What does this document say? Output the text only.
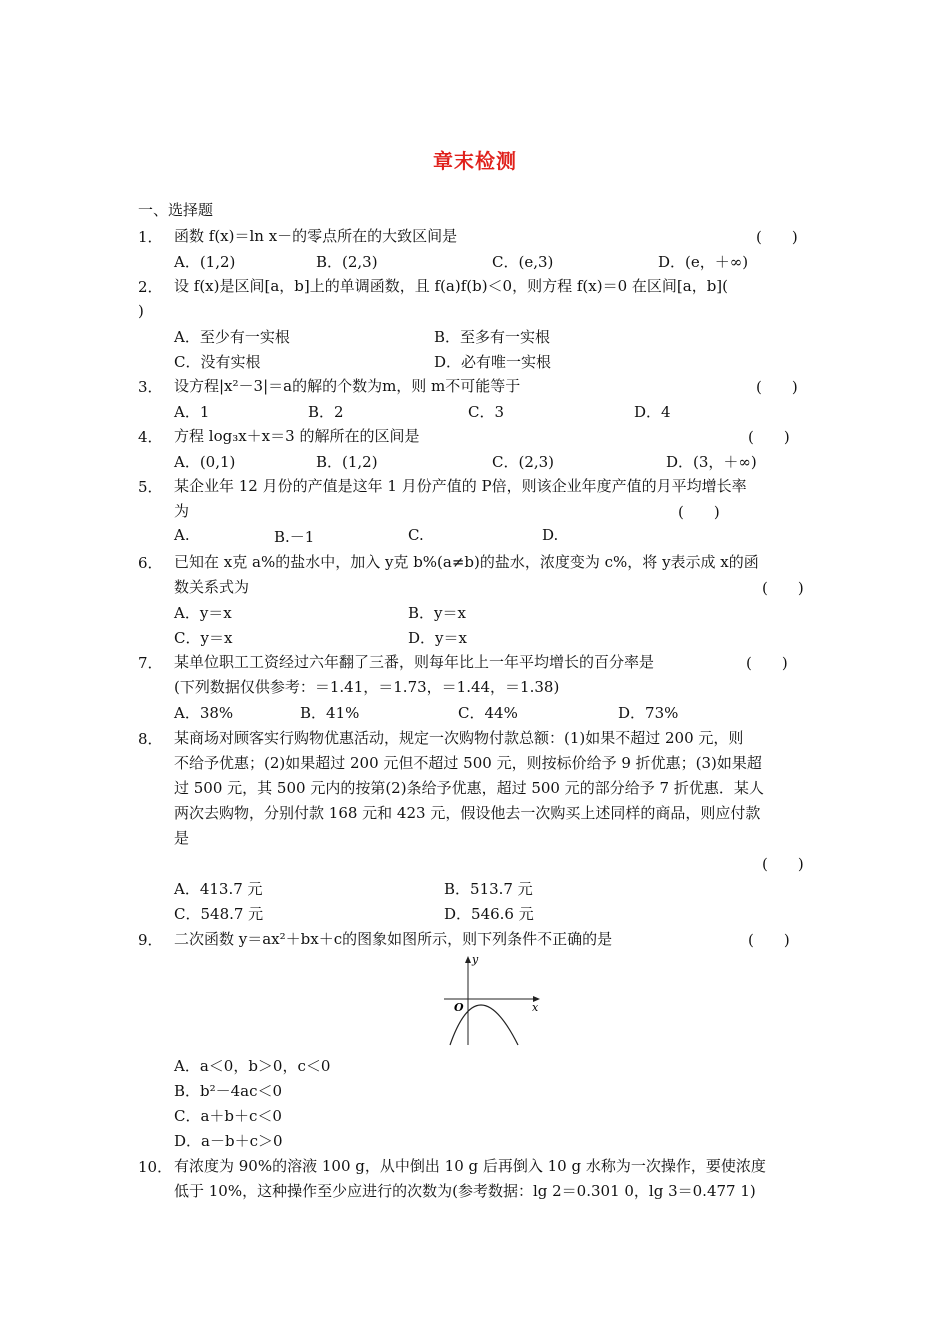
章末检测
一、选择题
1． 函数 f(x)＝ln x－的零点所在的大致区间是	(　　)
A．(1,2)	B．(2,3)	C．(e,3)	D．(e，＋∞)
2． 设 f(x)是区间[a，b]上的单调函数，且 f(a)f(b)＜0，则方程 f(x)＝0 在区间[a，b](
)
A．至少有一实根	B．至多有一实根
C．没有实根	D．必有唯一实根
3． 设方程|x²－3|＝a的解的个数为m，则 m不可能等于	(　　)
A．1	B．2	C．3	D．4
4． 方程 log₃x＋x＝3 的解所在的区间是	(　　)
A．(0,1)	B．(1,2)	C．(2,3)	D．(3，＋∞)
5． 某企业年 12 月份的产值是这年 1 月份产值的 P倍，则该企业年度产值的月平均增长率
为	(　　)
A.	B.－1	C.	D.
6． 已知在 x克 a%的盐水中，加入 y克 b%(a≠b)的盐水，浓度变为 c%，将 y表示成 x的函
数关系式为	(　　)
A．y＝x	B．y＝x
C．y＝x	D．y＝x
7． 某单位职工工资经过六年翻了三番，则每年比上一年平均增长的百分率是	(　　)
(下列数据仅供参考：＝1.41，＝1.73，＝1.44，＝1.38)
A．38%	B．41%	C．44%	D．73%
8． 某商场对顾客实行购物优惠活动，规定一次购物付款总额：(1)如果不超过 200 元，则
不给予优惠；(2)如果超过 200 元但不超过 500 元，则按标价给予 9 折优惠；(3)如果超
过 500 元，其 500 元内的按第(2)条给予优惠，超过 500 元的部分给予 7 折优惠．某人
两次去购物，分别付款 168 元和 423 元，假设他去一次购买上述同样的商品，则应付款
是
(　　)
A．413.7 元	B．513.7 元
C．548.7 元	D．546.6 元
9． 二次函数 y＝ax²＋bx＋c的图象如图所示，则下列条件不正确的是	(　　)
y
x
O
A．a＜0，b＞0，c＜0
B．b²－4ac＜0
C．a＋b＋c＜0
D．a－b＋c＞0
10． 有浓度为 90%的溶液 100 g，从中倒出 10 g 后再倒入 10 g 水称为一次操作，要使浓度
低于 10%，这种操作至少应进行的次数为(参考数据：lg 2＝0.301 0，lg 3＝0.477 1)
